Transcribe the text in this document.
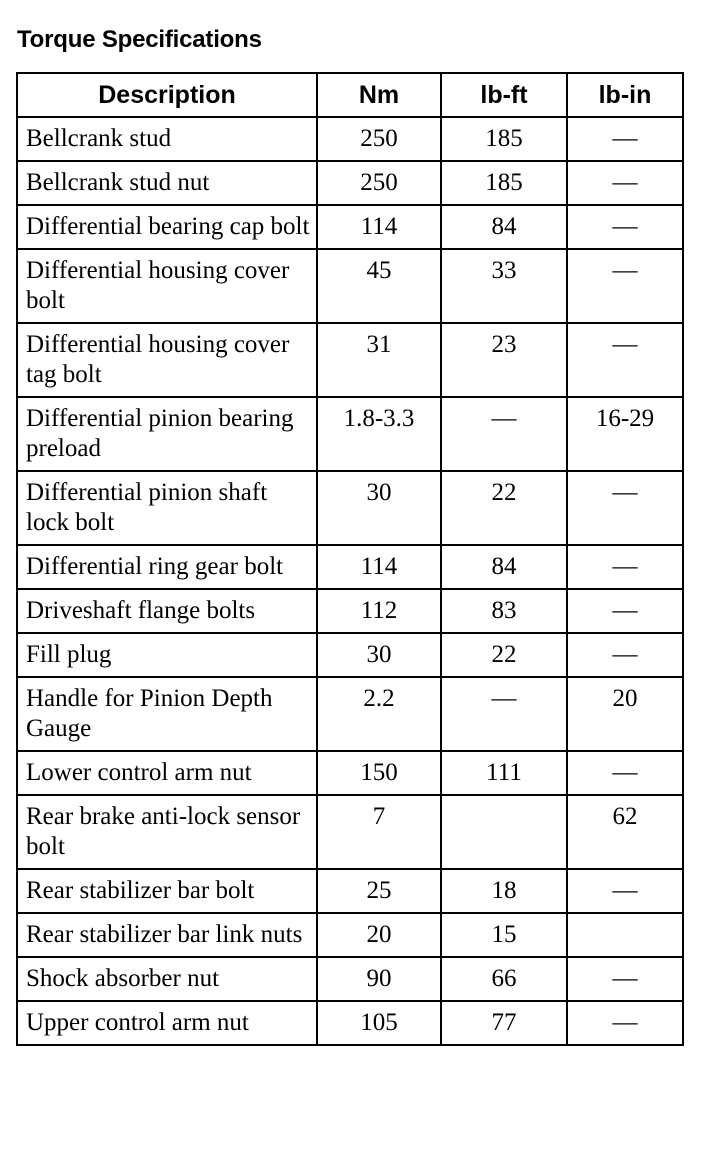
Torque Specifications
Description	Nm	lb-ft	lb-in
Bellcrank stud	250	185	—
Bellcrank stud nut	250	185	—
Differential bearing cap bolt	114	84	—
Differential housing cover bolt	45	33	—
Differential housing cover tag bolt	31	23	—
Differential pinion bearing preload	1.8-3.3	—	16-29
Differential pinion shaft lock bolt	30	22	—
Differential ring gear bolt	114	84	—
Driveshaft flange bolts	112	83	—
Fill plug	30	22	—
Handle for Pinion Depth Gauge	2.2	—	20
Lower control arm nut	150	111	—
Rear brake anti-lock sensor bolt	7		62
Rear stabilizer bar bolt	25	18	—
Rear stabilizer bar link nuts	20	15	
Shock absorber nut	90	66	—
Upper control arm nut	105	77	—
